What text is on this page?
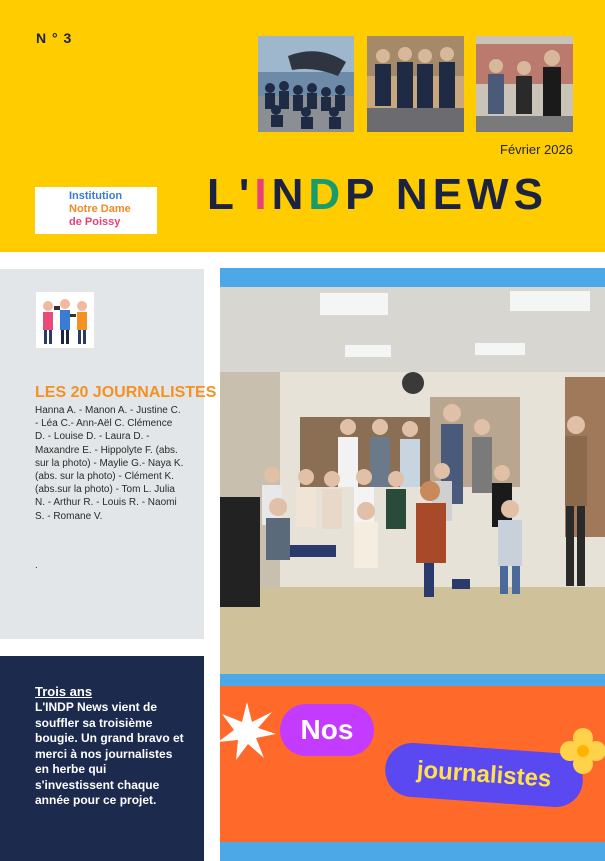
N ° 3
Février 2026
L'INDP NEWS
Institution
Notre Dame
de Poissy
LES 20 JOURNALISTES
Hanna A. - Manon A. - Justine C. - Léa C.- Ann-Aël C. Clémence D. - Louise D. - Laura D. - Maxandre E. - Hippolyte F. (abs. sur la photo) - Maylie G.- Naya K. (abs. sur la photo) - Clément K. (abs.sur la photo) - Tom L. Julia N. - Arthur R. - Louis R. - Naomi S. - Romane V.
.
Trois ans
L'INDP News vient de souffler sa troisième bougie. Un grand bravo et merci à nos journalistes en herbe qui s'investissent chaque année pour ce projet.
Nos
journalistes
